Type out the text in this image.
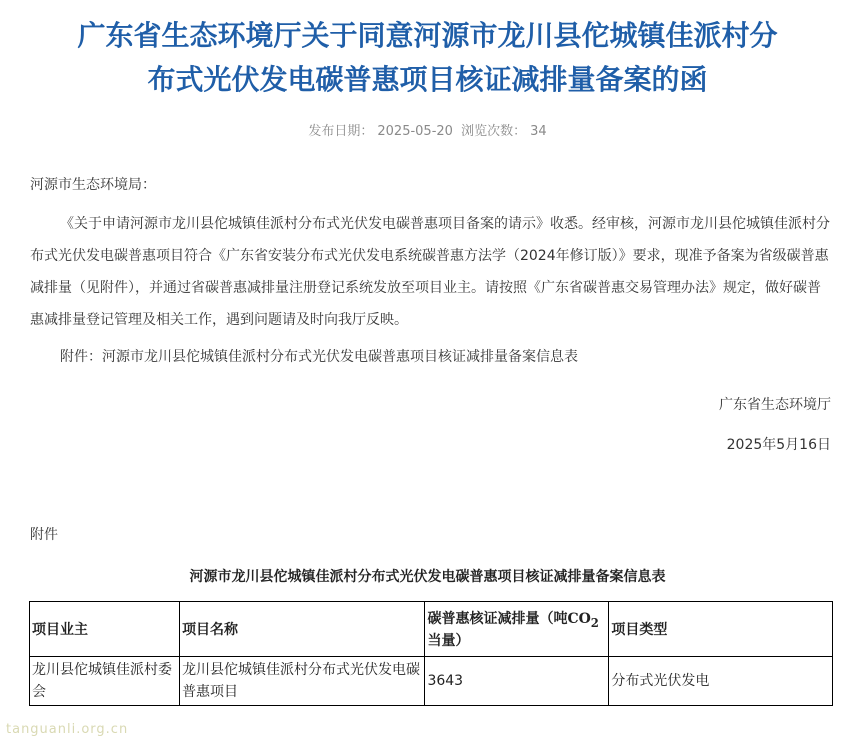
广东省生态环境厅关于同意河源市龙川县佗城镇佳派村分
布式光伏发电碳普惠项目核证减排量备案的函
发布日期： 2025-05-20 浏览次数： 34
河源市生态环境局：

《关于申请河源市龙川县佗城镇佳派村分布式光伏发电碳普惠项目备案的请示》收悉。经审核，河源市龙川县佗城镇佳派村分布式光伏发电碳普惠项目符合《广东省安装分布式光伏发电系统碳普惠方法学（2024年修订版）》要求，现准予备案为省级碳普惠减排量（见附件），并通过省碳普惠减排量注册登记系统发放至项目业主。请按照《广东省碳普惠交易管理办法》规定，做好碳普惠减排量登记管理及相关工作，遇到问题请及时向我厅反映。

附件：河源市龙川县佗城镇佳派村分布式光伏发电碳普惠项目核证减排量备案信息表
广东省生态环境厅
2025年5月16日
附件
河源市龙川县佗城镇佳派村分布式光伏发电碳普惠项目核证减排量备案信息表
项目业主	项目名称	碳普惠核证减排量（吨$CO_2$当量）	项目类型
龙川县佗城镇佳派村委会	龙川县佗城镇佳派村分布式光伏发电碳普惠项目	3643	分布式光伏发电
tanguanli.org.cn
